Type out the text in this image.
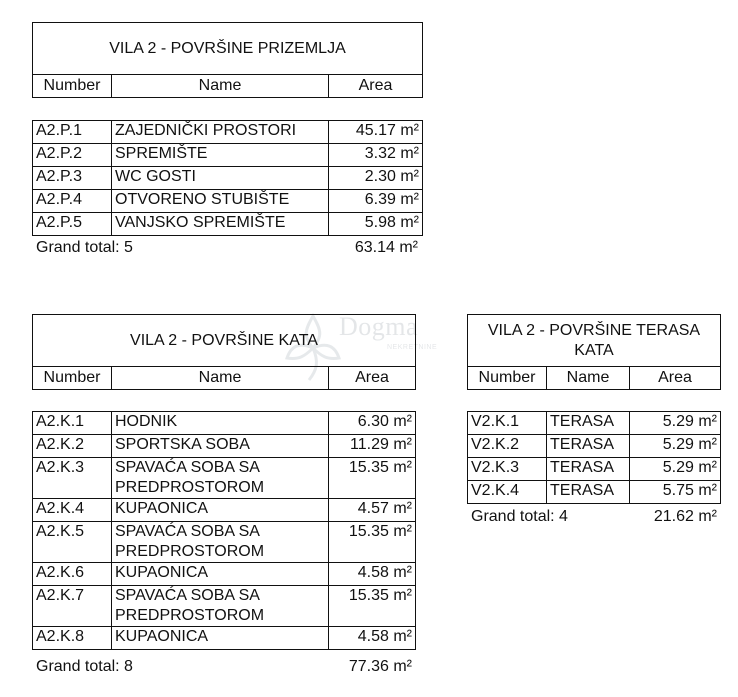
Dogma
NEKRETNINE
VILA 2 - POVRŠINE PRIZEMLJA
Number	Name	Area
A2.P.1	ZAJEDNIČKI PROSTORI	45.17 m²
A2.P.2	SPREMIŠTE	3.32 m²
A2.P.3	WC GOSTI	2.30 m²
A2.P.4	OTVORENO STUBIŠTE	6.39 m²
A2.P.5	VANJSKO SPREMIŠTE	5.98 m²
Grand total: 5	63.14 m²
VILA 2 - POVRŠINE KATA
Number	Name	Area
A2.K.1	HODNIK	6.30 m²
A2.K.2	SPORTSKA SOBA	11.29 m²
A2.K.3	SPAVAĆA SOBA SA PREDPROSTOROM	15.35 m²
A2.K.4	KUPAONICA	4.57 m²
A2.K.5	SPAVAĆA SOBA SA PREDPROSTOROM	15.35 m²
A2.K.6	KUPAONICA	4.58 m²
A2.K.7	SPAVAĆA SOBA SA PREDPROSTOROM	15.35 m²
A2.K.8	KUPAONICA	4.58 m²
Grand total: 8	77.36 m²
VILA 2 - POVRŠINE TERASA KATA
Number	Name	Area
V2.K.1	TERASA	5.29 m²
V2.K.2	TERASA	5.29 m²
V2.K.3	TERASA	5.29 m²
V2.K.4	TERASA	5.75 m²
Grand total: 4	21.62 m²
